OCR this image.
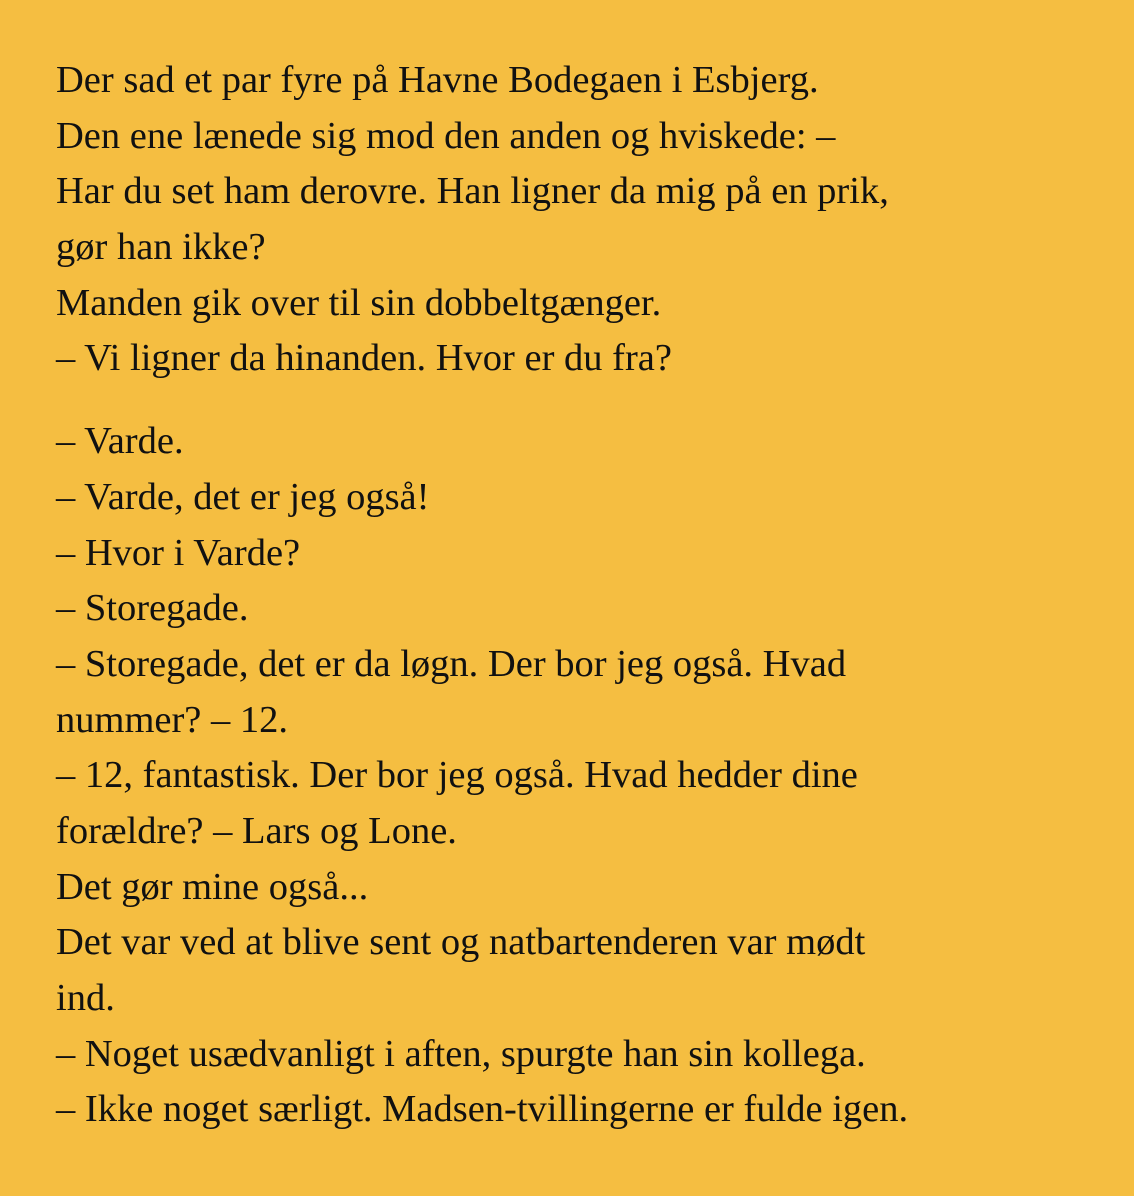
Der sad et par fyre på Havne Bodegaen i Esbjerg.
Den ene lænede sig mod den anden og hviskede: –
Har du set ham derovre. Han ligner da mig på en prik,
gør han ikke?
Manden gik over til sin dobbeltgænger.
– Vi ligner da hinanden. Hvor er du fra?
– Varde.
– Varde, det er jeg også!
– Hvor i Varde?
– Storegade.
– Storegade, det er da løgn. Der bor jeg også. Hvad
nummer? – 12.
– 12, fantastisk. Der bor jeg også. Hvad hedder dine
forældre? – Lars og Lone.
Det gør mine også...
Det var ved at blive sent og natbartenderen var mødt
ind.
– Noget usædvanligt i aften, spurgte han sin kollega.
– Ikke noget særligt. Madsen-tvillingerne er fulde igen.
